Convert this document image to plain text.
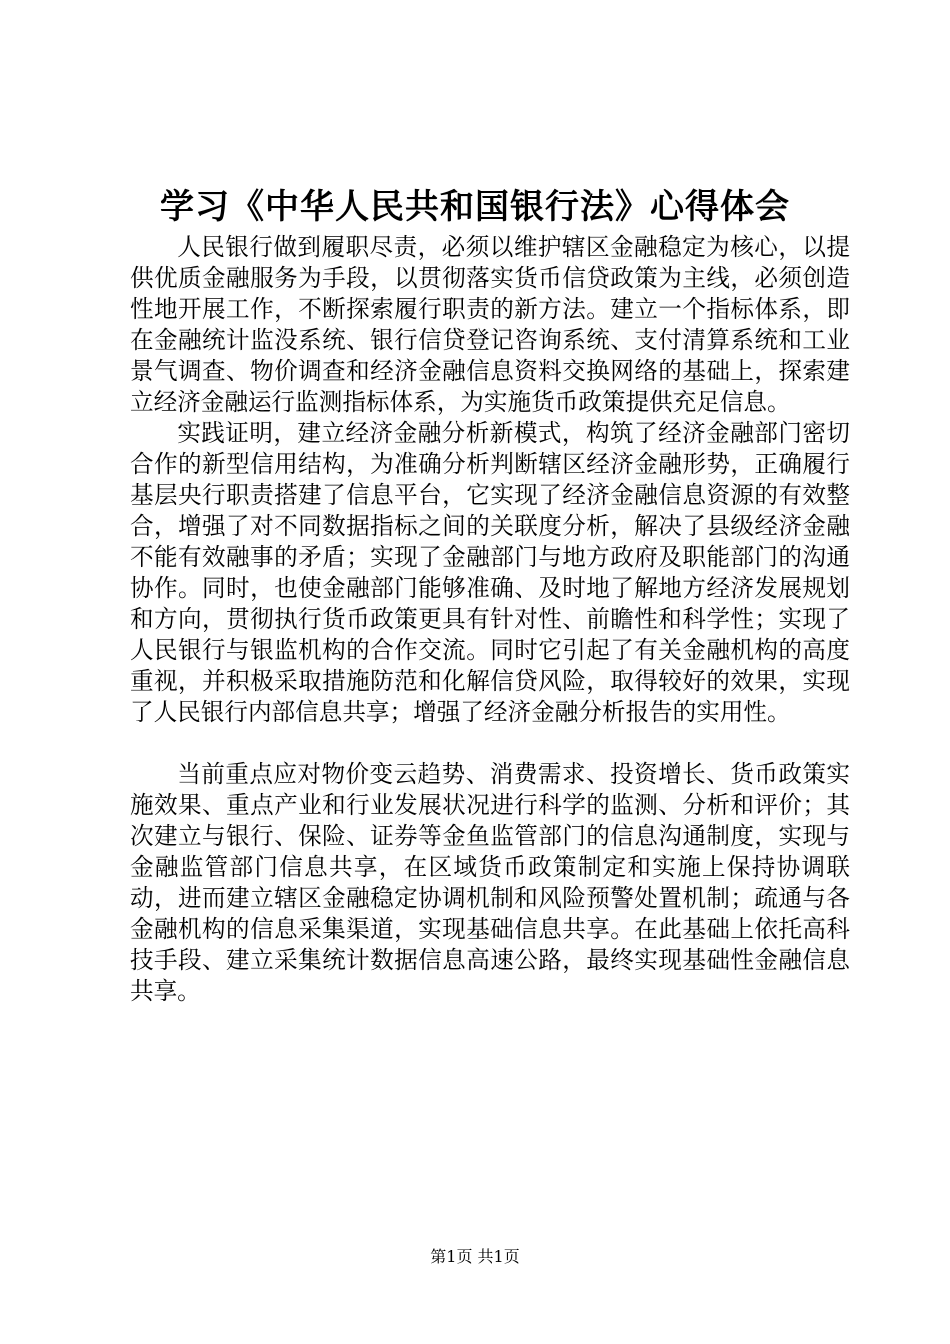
学习《中华人民共和国银行法》心得体会

人民银行做到履职尽责，必须以维护辖区金融稳定为核心，以提供优质金融服务为手段，以贯彻落实货币信贷政策为主线，必须创造性地开展工作，不断探索履行职责的新方法。建立一个指标体系，即在金融统计监没系统、银行信贷登记咨询系统、支付清算系统和工业景气调查、物价调查和经济金融信息资料交换网络的基础上，探索建立经济金融运行监测指标体系，为实施货币政策提供充足信息。

实践证明，建立经济金融分析新模式，构筑了经济金融部门密切合作的新型信用结构，为准确分析判断辖区经济金融形势，正确履行基层央行职责搭建了信息平台，它实现了经济金融信息资源的有效整合，增强了对不同数据指标之间的关联度分析，解决了县级经济金融不能有效融事的矛盾；实现了金融部门与地方政府及职能部门的沟通协作。同时，也使金融部门能够准确、及时地了解地方经济发展规划和方向，贯彻执行货币政策更具有针对性、前瞻性和科学性；实现了人民银行与银监机构的合作交流。同时它引起了有关金融机构的高度重视，并积极采取措施防范和化解信贷风险，取得较好的效果，实现了人民银行内部信息共享；增强了经济金融分析报告的实用性。

当前重点应对物价变云趋势、消费需求、投资增长、货币政策实施效果、重点产业和行业发展状况进行科学的监测、分析和评价；其次建立与银行、保险、证券等金鱼监管部门的信息沟通制度，实现与金融监管部门信息共享，在区域货币政策制定和实施上保持协调联动，进而建立辖区金融稳定协调机制和风险预警处置机制；疏通与各金融机构的信息采集渠道，实现基础信息共享。在此基础上依托高科技手段、建立采集统计数据信息高速公路，最终实现基础性金融信息共享。

第1页 共1页
